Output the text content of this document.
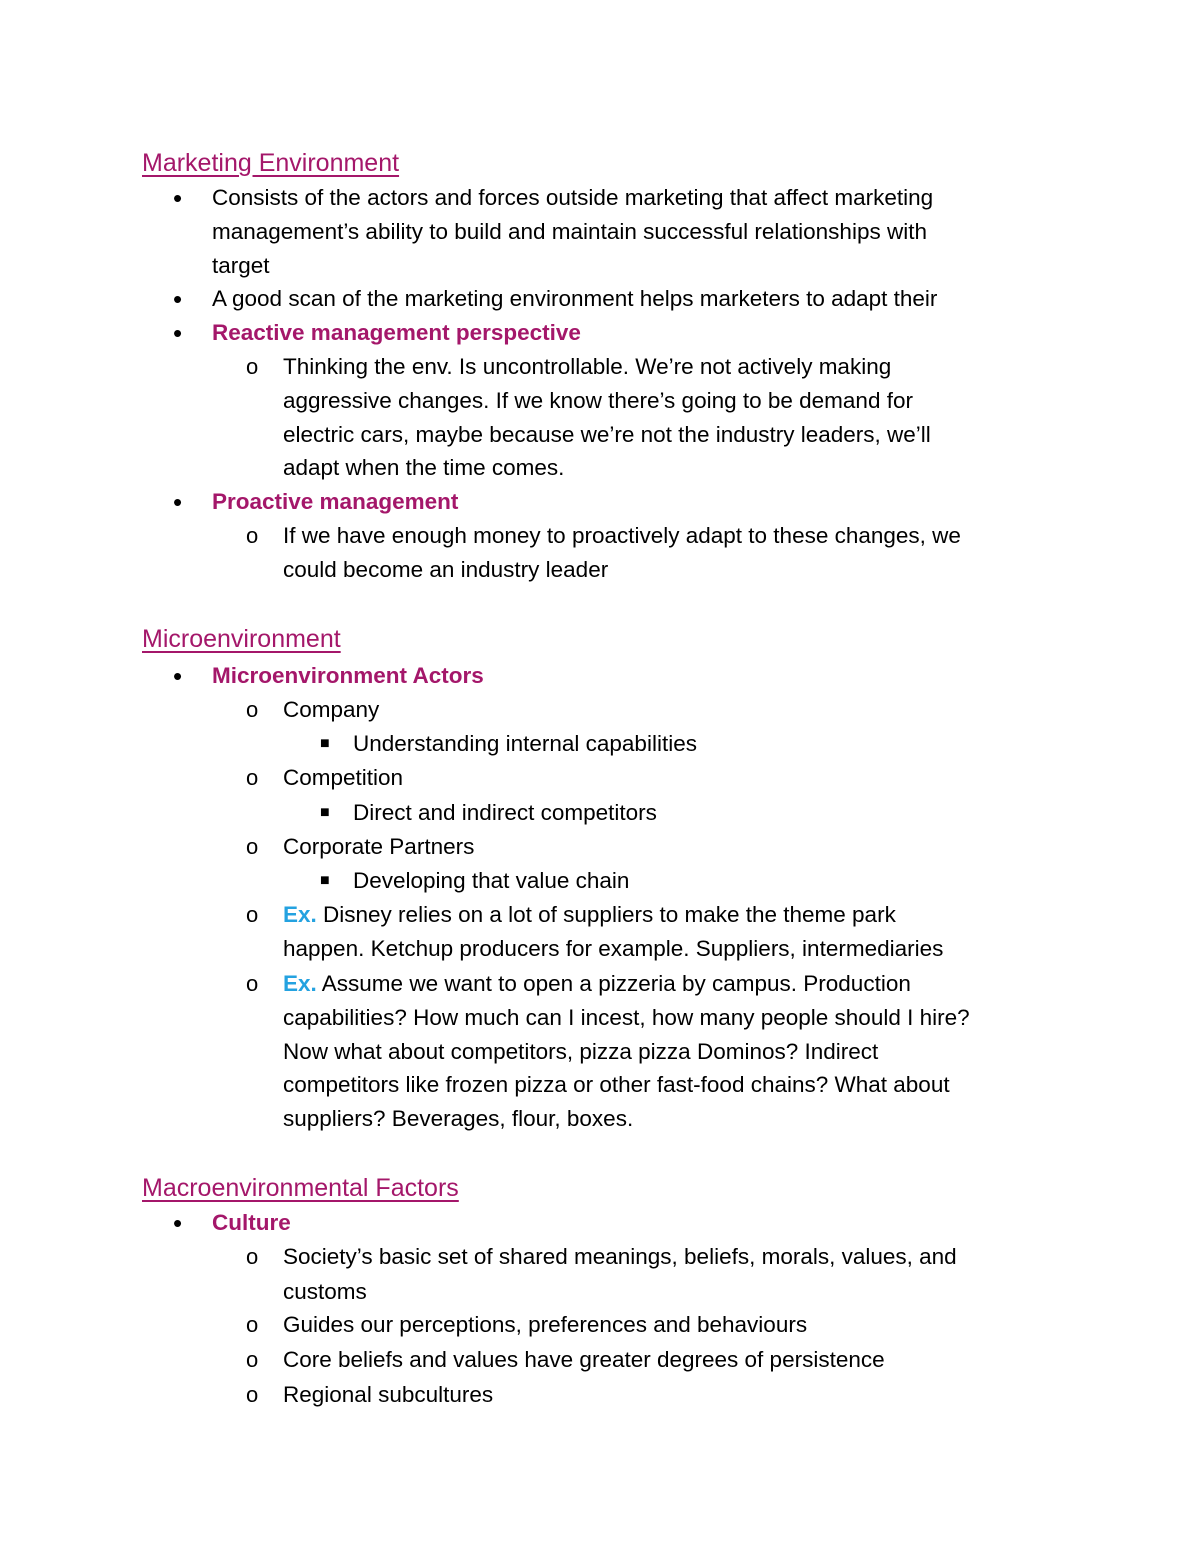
Marketing Environment
• Consists of the actors and forces outside marketing that affect marketing
management’s ability to build and maintain successful relationships with
target
• A good scan of the marketing environment helps marketers to adapt their
• Reactive management perspective
o Thinking the env. Is uncontrollable. We’re not actively making
aggressive changes. If we know there’s going to be demand for
electric cars, maybe because we’re not the industry leaders, we’ll
adapt when the time comes.
• Proactive management
o If we have enough money to proactively adapt to these changes, we
could become an industry leader
Microenvironment
• Microenvironment Actors
o Company
■ Understanding internal capabilities
o Competition
■ Direct and indirect competitors
o Corporate Partners
■ Developing that value chain
o Ex. Disney relies on a lot of suppliers to make the theme park
happen. Ketchup producers for example. Suppliers, intermediaries
o Ex. Assume we want to open a pizzeria by campus. Production
capabilities? How much can I incest, how many people should I hire?
Now what about competitors, pizza pizza Dominos? Indirect
competitors like frozen pizza or other fast-food chains? What about
suppliers? Beverages, flour, boxes.
Macroenvironmental Factors
• Culture
o Society’s basic set of shared meanings, beliefs, morals, values, and
customs
o Guides our perceptions, preferences and behaviours
o Core beliefs and values have greater degrees of persistence
o Regional subcultures
